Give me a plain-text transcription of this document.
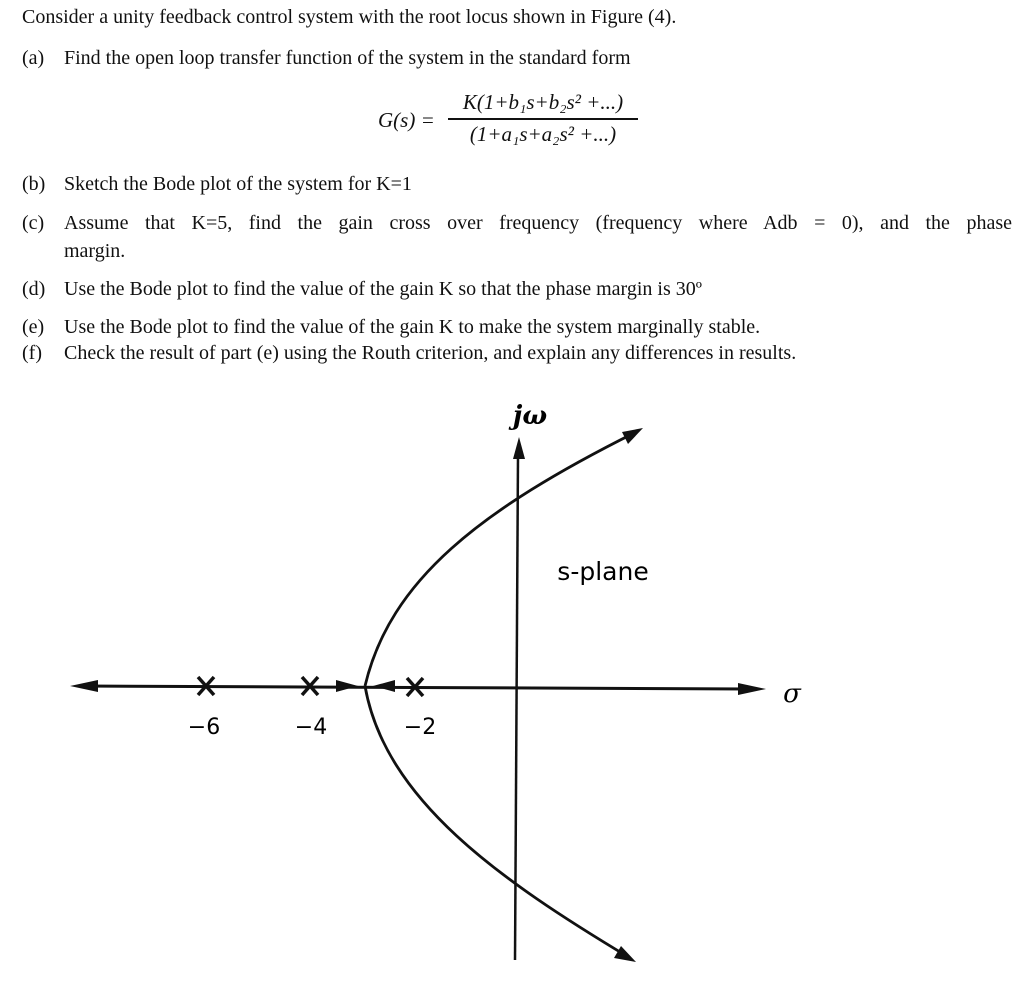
Consider a unity feedback control system with the root locus shown in Figure (4).
(a) Find the open loop transfer function of the system in the standard form
G(s) =
K(1+b₁s+b₂s² +...)
(1+a₁s+a₂s² +...)
(b) Sketch the Bode plot of the system for K=1
(c) Assume that K=5, find the gain cross over frequency (frequency where Adb = 0), and the phase
margin.
(d) Use the Bode plot to find the value of the gain K so that the phase margin is 30º
(e) Use the Bode plot to find the value of the gain K to make the system marginally stable.
(f)	Check the result of part (e) using the Routh criterion, and explain any differences in results.
−6	−4	−2
jω
σ
s-plane
